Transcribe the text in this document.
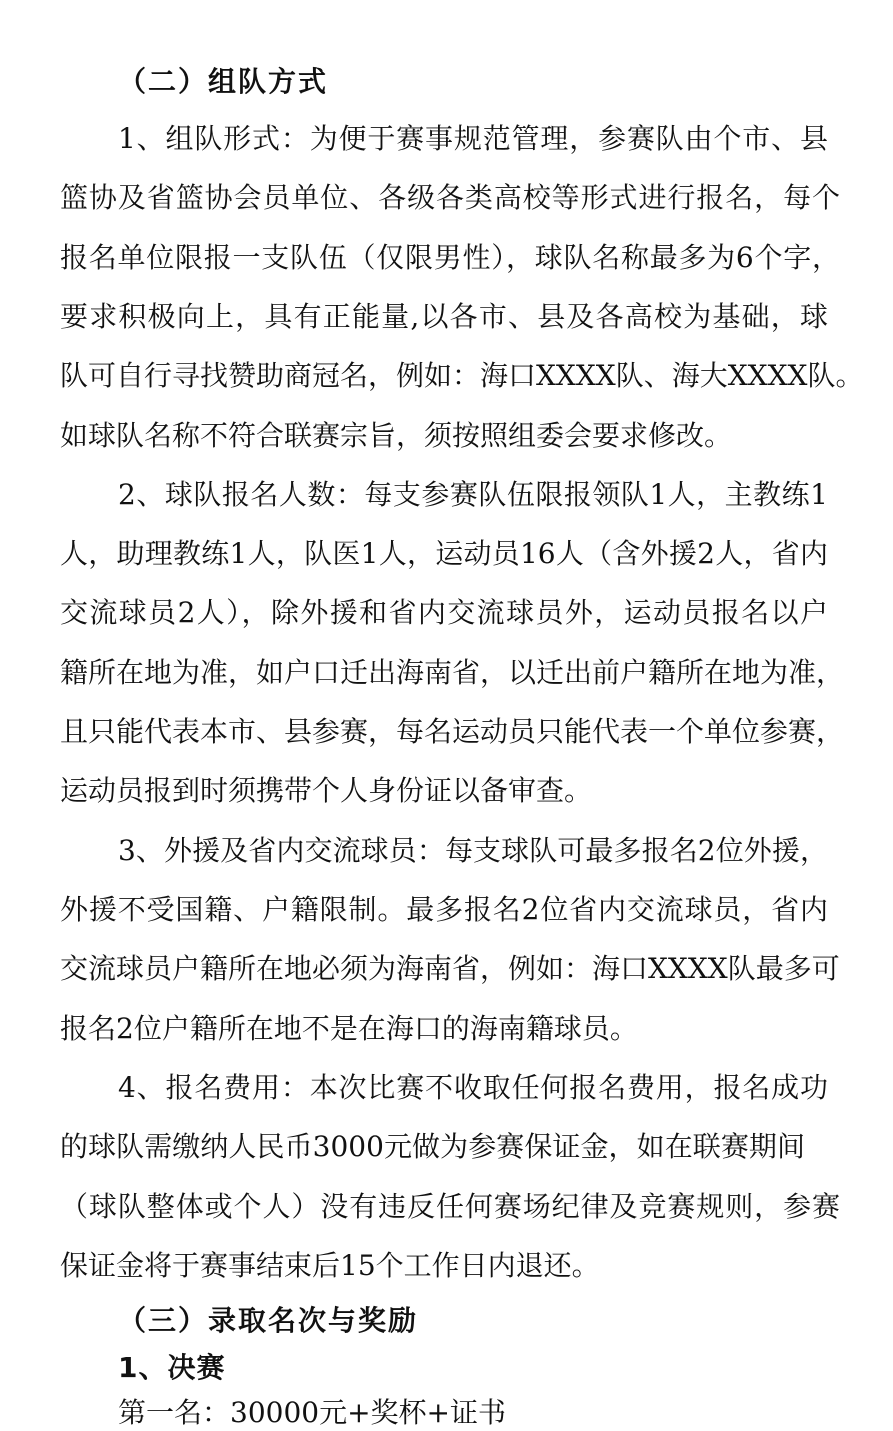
（二）组队方式
1、组队形式：为便于赛事规范管理，参赛队由个市、县
篮协及省篮协会员单位、各级各类高校等形式进行报名，每个
报名单位限报一支队伍（仅限男性），球队名称最多为6个字，
要求积极向上，具有正能量,以各市、县及各高校为基础，球
队可自行寻找赞助商冠名，例如：海口XXXX队、海大XXXX队。
如球队名称不符合联赛宗旨，须按照组委会要求修改。
2、球队报名人数：每支参赛队伍限报领队1人，主教练1
人，助理教练1人，队医1人，运动员16人（含外援2人，省内
交流球员2人），除外援和省内交流球员外，运动员报名以户
籍所在地为准，如户口迁出海南省，以迁出前户籍所在地为准，
且只能代表本市、县参赛，每名运动员只能代表一个单位参赛，
运动员报到时须携带个人身份证以备审查。
3、外援及省内交流球员：每支球队可最多报名2位外援，
外援不受国籍、户籍限制。最多报名2位省内交流球员，省内
交流球员户籍所在地必须为海南省，例如：海口XXXX队最多可
报名2位户籍所在地不是在海口的海南籍球员。
4、报名费用：本次比赛不收取任何报名费用，报名成功
的球队需缴纳人民币3000元做为参赛保证金，如在联赛期间
（球队整体或个人）没有违反任何赛场纪律及竞赛规则，参赛
保证金将于赛事结束后15个工作日内退还。
（三）录取名次与奖励
1、决赛
第一名：30000元+奖杯+证书
